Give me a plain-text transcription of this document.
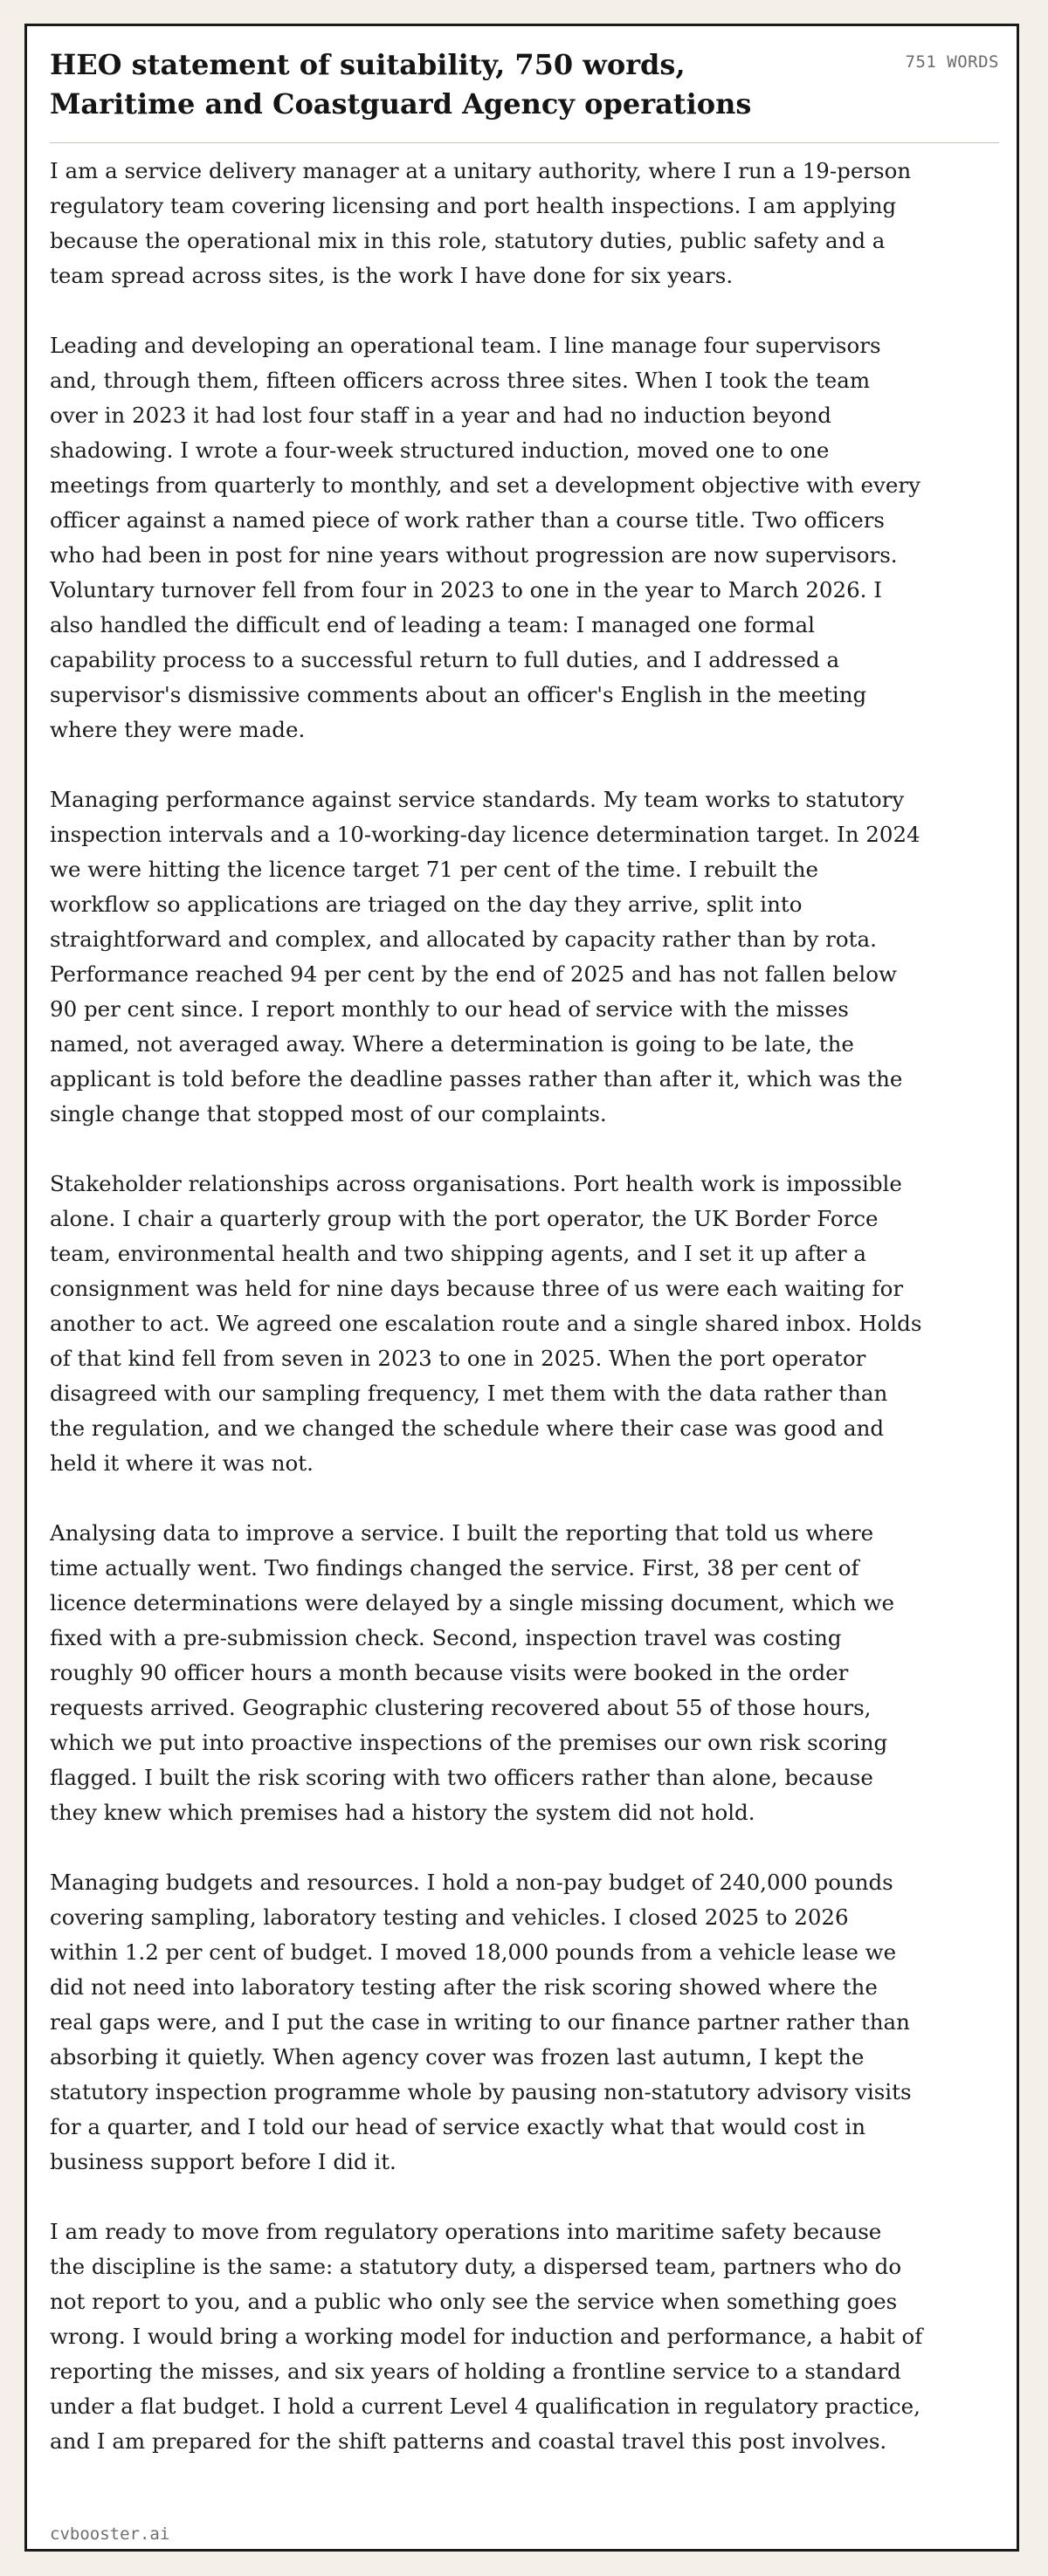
HEO statement of suitability, 750 words, Maritime and Coastguard Agency operations
751 WORDS

I am a service delivery manager at a unitary authority, where I run a 19-person regulatory team covering licensing and port health inspections. I am applying because the operational mix in this role, statutory duties, public safety and a team spread across sites, is the work I have done for six years.

Leading and developing an operational team. I line manage four supervisors and, through them, fifteen officers across three sites. When I took the team over in 2023 it had lost four staff in a year and had no induction beyond shadowing. I wrote a four-week structured induction, moved one to one meetings from quarterly to monthly, and set a development objective with every officer against a named piece of work rather than a course title. Two officers who had been in post for nine years without progression are now supervisors. Voluntary turnover fell from four in 2023 to one in the year to March 2026. I also handled the difficult end of leading a team: I managed one formal capability process to a successful return to full duties, and I addressed a supervisor's dismissive comments about an officer's English in the meeting where they were made.

Managing performance against service standards. My team works to statutory inspection intervals and a 10-working-day licence determination target. In 2024 we were hitting the licence target 71 per cent of the time. I rebuilt the workflow so applications are triaged on the day they arrive, split into straightforward and complex, and allocated by capacity rather than by rota. Performance reached 94 per cent by the end of 2025 and has not fallen below 90 per cent since. I report monthly to our head of service with the misses named, not averaged away. Where a determination is going to be late, the applicant is told before the deadline passes rather than after it, which was the single change that stopped most of our complaints.

Stakeholder relationships across organisations. Port health work is impossible alone. I chair a quarterly group with the port operator, the UK Border Force team, environmental health and two shipping agents, and I set it up after a consignment was held for nine days because three of us were each waiting for another to act. We agreed one escalation route and a single shared inbox. Holds of that kind fell from seven in 2023 to one in 2025. When the port operator disagreed with our sampling frequency, I met them with the data rather than the regulation, and we changed the schedule where their case was good and held it where it was not.

Analysing data to improve a service. I built the reporting that told us where time actually went. Two findings changed the service. First, 38 per cent of licence determinations were delayed by a single missing document, which we fixed with a pre-submission check. Second, inspection travel was costing roughly 90 officer hours a month because visits were booked in the order requests arrived. Geographic clustering recovered about 55 of those hours, which we put into proactive inspections of the premises our own risk scoring flagged. I built the risk scoring with two officers rather than alone, because they knew which premises had a history the system did not hold.

Managing budgets and resources. I hold a non-pay budget of 240,000 pounds covering sampling, laboratory testing and vehicles. I closed 2025 to 2026 within 1.2 per cent of budget. I moved 18,000 pounds from a vehicle lease we did not need into laboratory testing after the risk scoring showed where the real gaps were, and I put the case in writing to our finance partner rather than absorbing it quietly. When agency cover was frozen last autumn, I kept the statutory inspection programme whole by pausing non-statutory advisory visits for a quarter, and I told our head of service exactly what that would cost in business support before I did it.

I am ready to move from regulatory operations into maritime safety because the discipline is the same: a statutory duty, a dispersed team, partners who do not report to you, and a public who only see the service when something goes wrong. I would bring a working model for induction and performance, a habit of reporting the misses, and six years of holding a frontline service to a standard under a flat budget. I hold a current Level 4 qualification in regulatory practice, and I am prepared for the shift patterns and coastal travel this post involves.

cvbooster.ai
